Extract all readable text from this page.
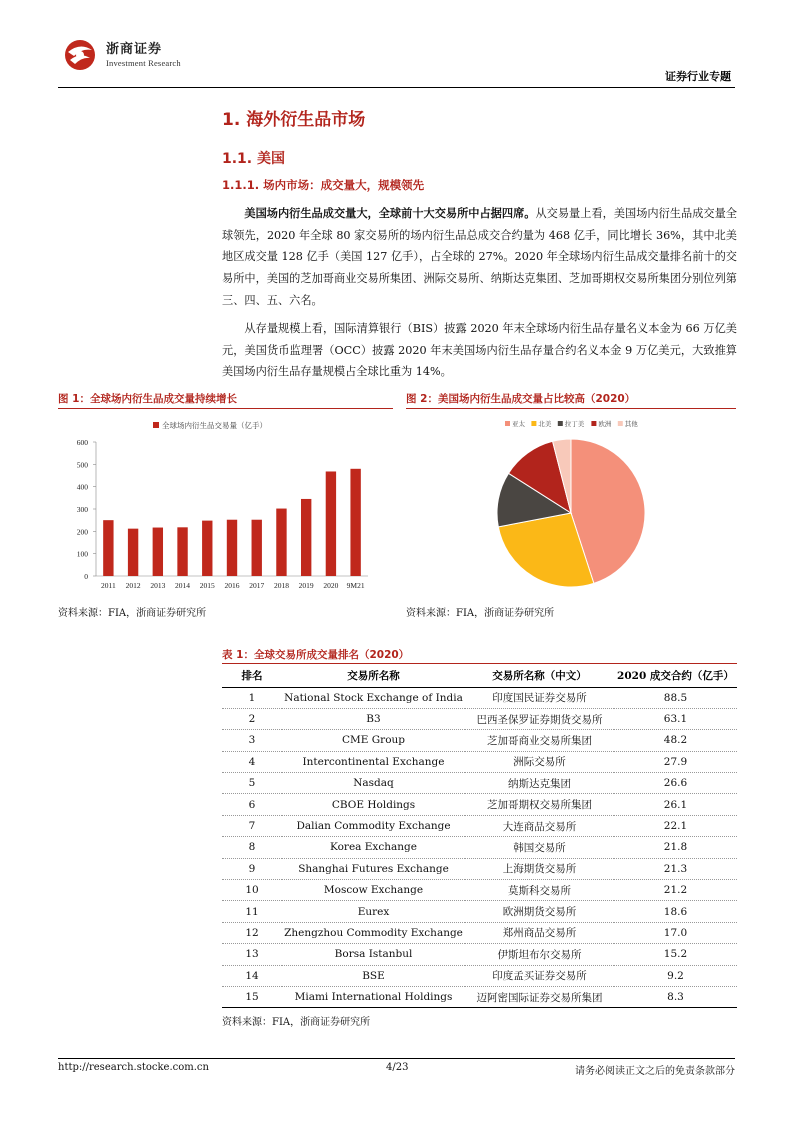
浙商证券
Investment Research
证券行业专题
1. 海外衍生品市场
1.1. 美国
1.1.1. 场内市场：成交量大，规模领先
美国场内衍生品成交量大，全球前十大交易所中占据四席。从交易量上看，美国场内衍生品成交量全球领先，2020 年全球 80 家交易所的场内衍生品总成交合约量为 468 亿手，同比增长 36%，其中北美地区成交量 128 亿手（美国 127 亿手），占全球的 27%。2020 年全球场内衍生品成交量排名前十的交易所中，美国的芝加哥商业交易所集团、洲际交易所、纳斯达克集团、芝加哥期权交易所集团分别位列第三、四、五、六名。
从存量规模上看，国际清算银行（BIS）披露 2020 年末全球场内衍生品存量名义本金为 66 万亿美元，美国货币监理署（OCC）披露 2020 年末美国场内衍生品存量合约名义本金 9 万亿美元，大致推算美国场内衍生品存量规模占全球比重为 14%。
图 1：全球场内衍生品成交量持续增长	图 2：美国场内衍生品成交量占比较高（2020）
全球场内衍生品交易量（亿手）
0
100
200
300
400
500
600
2011 2012 2013 2014 2015 2016 2017 2018 2019 2020 9M21
亚太 北美 拉丁美 欧洲 其他
资料来源：FIA，浙商证券研究所	资料来源：FIA，浙商证券研究所
表 1：全球交易所成交量排名（2020）
排名	交易所名称	交易所名称（中文）	2020 成交合约（亿手）
1	National Stock Exchange of India	印度国民证券交易所	88.5
2	B3	巴西圣保罗证券期货交易所	63.1
3	CME Group	芝加哥商业交易所集团	48.2
4	Intercontinental Exchange	洲际交易所	27.9
5	Nasdaq	纳斯达克集团	26.6
6	CBOE Holdings	芝加哥期权交易所集团	26.1
7	Dalian Commodity Exchange	大连商品交易所	22.1
8	Korea Exchange	韩国交易所	21.8
9	Shanghai Futures Exchange	上海期货交易所	21.3
10	Moscow Exchange	莫斯科交易所	21.2
11	Eurex	欧洲期货交易所	18.6
12	Zhengzhou Commodity Exchange	郑州商品交易所	17.0
13	Borsa Istanbul	伊斯坦布尔交易所	15.2
14	BSE	印度孟买证券交易所	9.2
15	Miami International Holdings	迈阿密国际证券交易所集团	8.3
资料来源：FIA，浙商证券研究所
http://research.stocke.com.cn	4/23	请务必阅读正文之后的免责条款部分
